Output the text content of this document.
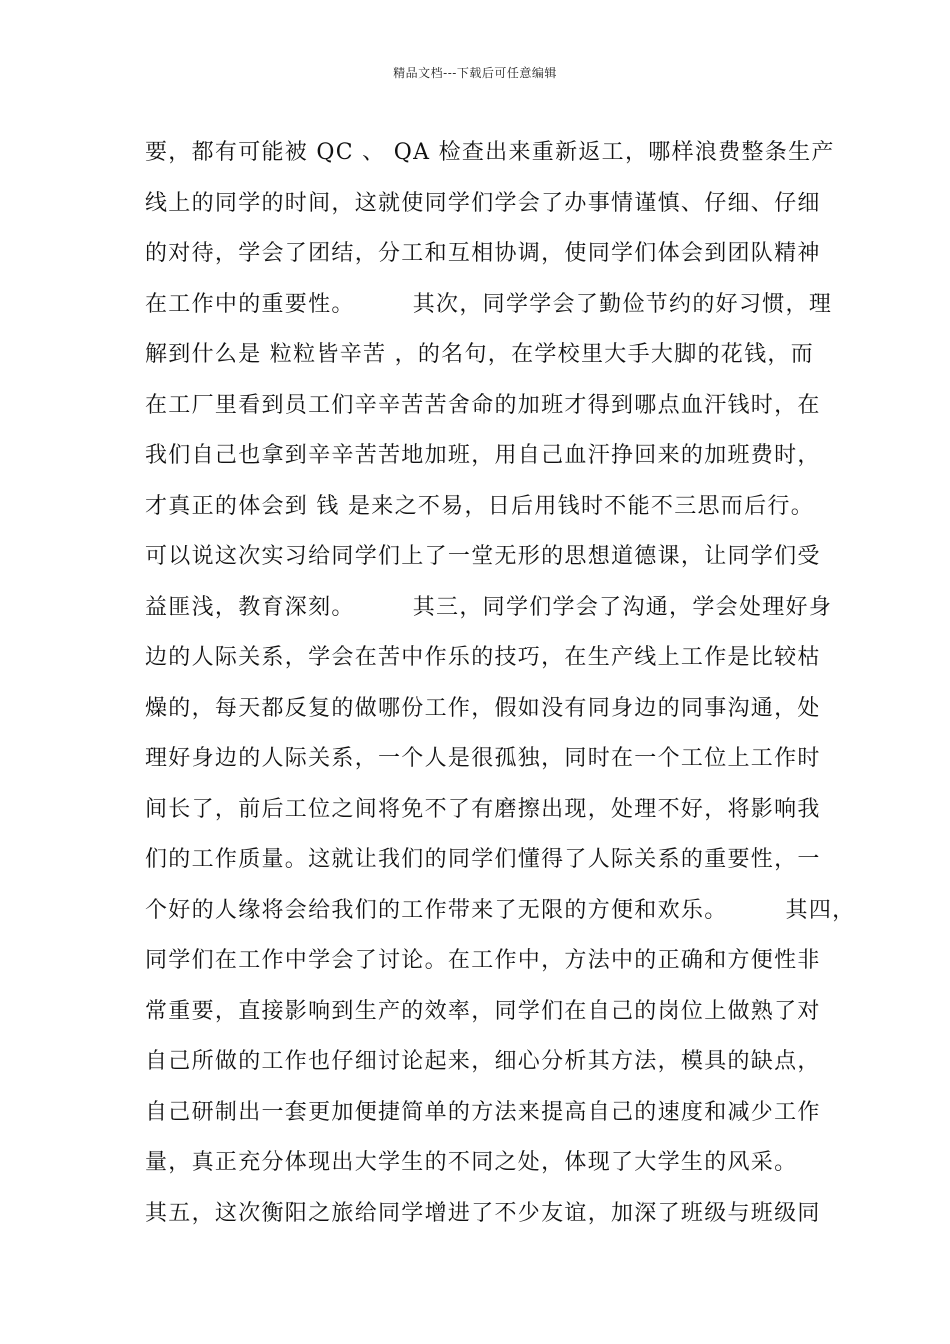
精品文档---下载后可任意编辑
要，都有可能被 QC 、 QA 检查出来重新返工，哪样浪费整条生产
线上的同学的时间，这就使同学们学会了办事情谨慎、仔细、仔细
的对待，学会了团结，分工和互相协调，使同学们体会到团队精神
在工作中的重要性。       其次，同学学会了勤俭节约的好习惯，理
解到什么是 粒粒皆辛苦 ，的名句，在学校里大手大脚的花钱，而
在工厂里看到员工们辛辛苦苦舍命的加班才得到哪点血汗钱时，在
我们自己也拿到辛辛苦苦地加班，用自己血汗挣回来的加班费时，
才真正的体会到 钱 是来之不易，日后用钱时不能不三思而后行。
可以说这次实习给同学们上了一堂无形的思想道德课，让同学们受
益匪浅，教育深刻。       其三，同学们学会了沟通，学会处理好身
边的人际关系，学会在苦中作乐的技巧，在生产线上工作是比较枯
燥的，每天都反复的做哪份工作，假如没有同身边的同事沟通，处
理好身边的人际关系，一个人是很孤独，同时在一个工位上工作时
间长了，前后工位之间将免不了有磨擦出现，处理不好，将影响我
们的工作质量。这就让我们的同学们懂得了人际关系的重要性，一
个好的人缘将会给我们的工作带来了无限的方便和欢乐。       其四，
同学们在工作中学会了讨论。在工作中，方法中的正确和方便性非
常重要，直接影响到生产的效率，同学们在自己的岗位上做熟了对
自己所做的工作也仔细讨论起来，细心分析其方法，模具的缺点，
自己研制出一套更加便捷简单的方法来提高自己的速度和减少工作
量，真正充分体现出大学生的不同之处，体现了大学生的风采。
其五，这次衡阳之旅给同学增进了不少友谊，加深了班级与班级同
